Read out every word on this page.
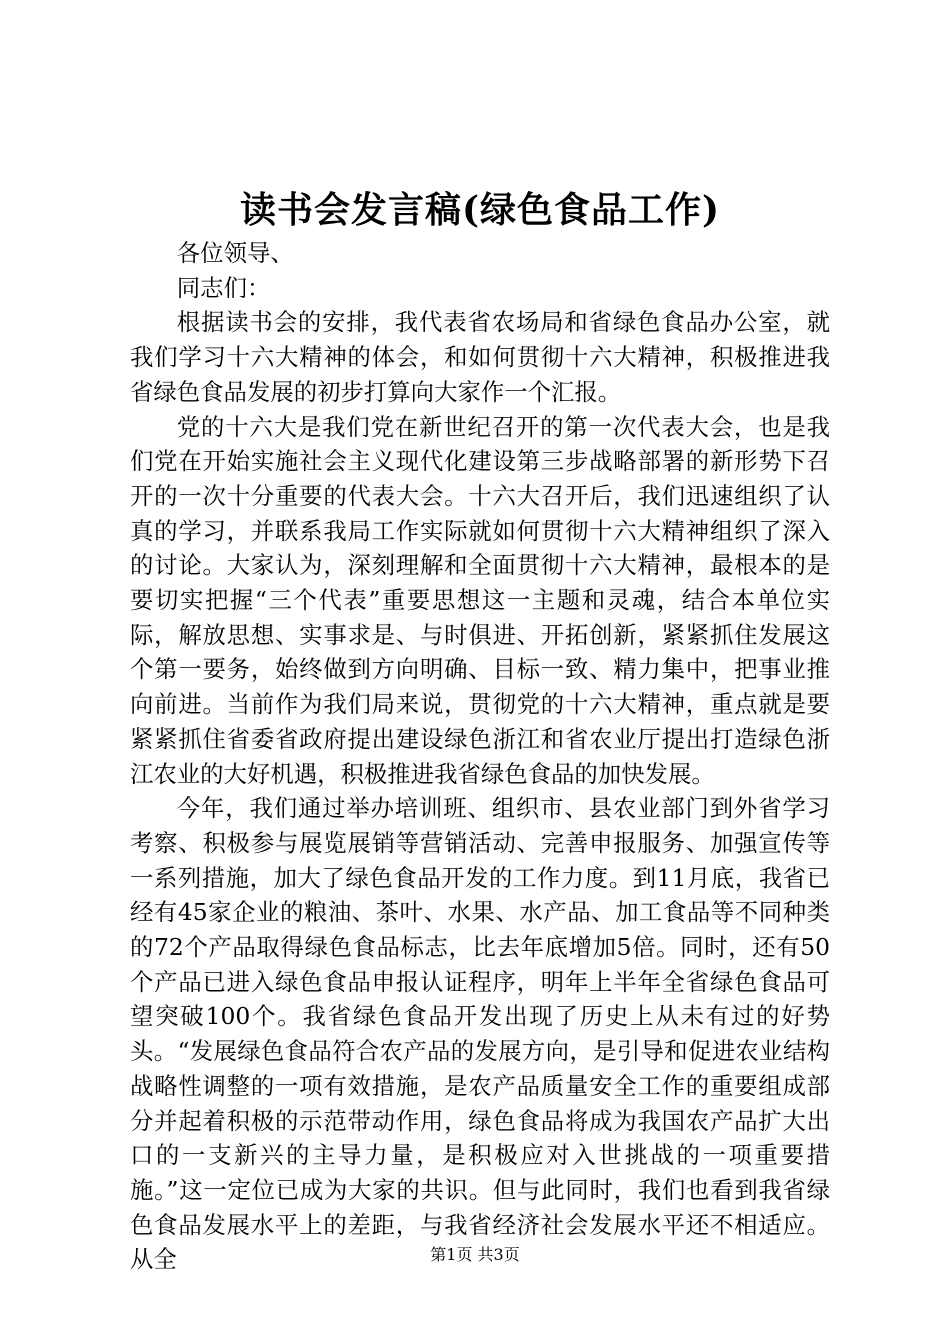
读书会发言稿(绿色食品工作)

各位领导、

同志们：

根据读书会的安排，我代表省农场局和省绿色食品办公室，就我们学习十六大精神的体会，和如何贯彻十六大精神，积极推进我省绿色食品发展的初步打算向大家作一个汇报。

党的十六大是我们党在新世纪召开的第一次代表大会，也是我们党在开始实施社会主义现代化建设第三步战略部署的新形势下召开的一次十分重要的代表大会。十六大召开后，我们迅速组织了认真的学习，并联系我局工作实际就如何贯彻十六大精神组织了深入的讨论。大家认为，深刻理解和全面贯彻十六大精神，最根本的是要切实把握“三个代表”重要思想这一主题和灵魂，结合本单位实际，解放思想、实事求是、与时俱进、开拓创新，紧紧抓住发展这个第一要务，始终做到方向明确、目标一致、精力集中，把事业推向前进。当前作为我们局来说，贯彻党的十六大精神，重点就是要紧紧抓住省委省政府提出建设绿色浙江和省农业厅提出打造绿色浙江农业的大好机遇，积极推进我省绿色食品的加快发展。

今年，我们通过举办培训班、组织市、县农业部门到外省学习考察、积极参与展览展销等营销活动、完善申报服务、加强宣传等一系列措施，加大了绿色食品开发的工作力度。到11月底，我省已经有45家企业的粮油、茶叶、水果、水产品、加工食品等不同种类的72个产品取得绿色食品标志，比去年底增加5倍。同时，还有50个产品已进入绿色食品申报认证程序，明年上半年全省绿色食品可望突破100个。我省绿色食品开发出现了历史上从未有过的好势头。“发展绿色食品符合农产品的发展方向，是引导和促进农业结构战略性调整的一项有效措施，是农产品质量安全工作的重要组成部分并起着积极的示范带动作用，绿色食品将成为我国农产品扩大出口的一支新兴的主导力量，是积极应对入世挑战的一项重要措施。”这一定位已成为大家的共识。但与此同时，我们也看到我省绿色食品发展水平上的差距，与我省经济社会发展水平还不相适应。从全	第1页 共3页
